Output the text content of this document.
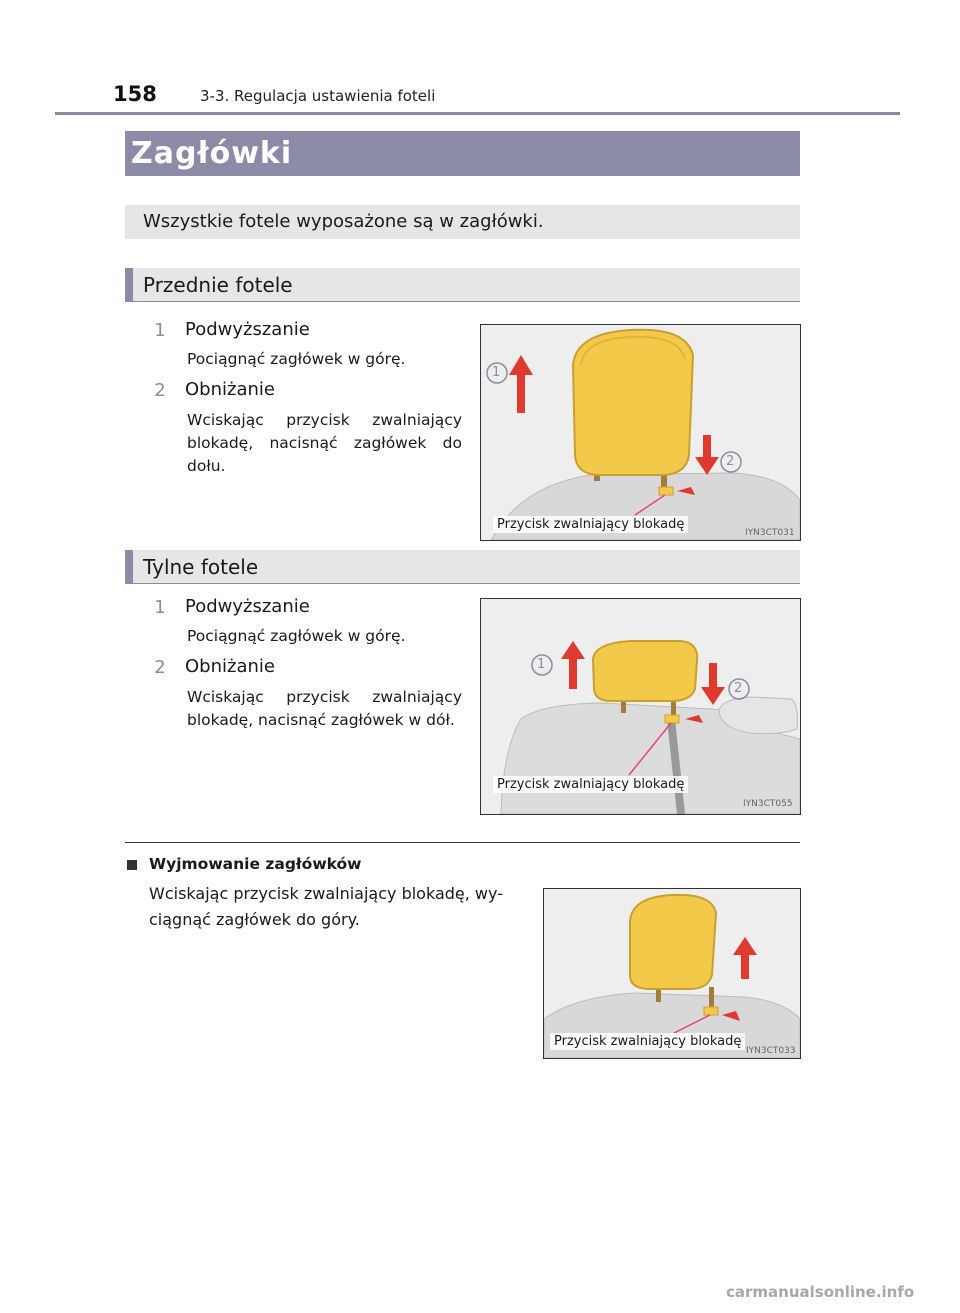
158	3-3. Regulacja ustawienia foteli
Zagłówki
Wszystkie fotele wyposażone są w zagłówki.
Przednie fotele
1 Podwyższanie
Pociągnąć zagłówek w górę.
2 Obniżanie
Wciskając przycisk zwalniający blokadę, nacisnąć zagłówek do dołu.
1
2
Przycisk zwalniający blokadę
IYN3CT031
Tylne fotele
1 Podwyższanie
Pociągnąć zagłówek w górę.
2 Obniżanie
Wciskając przycisk zwalniający blokadę, nacisnąć zagłówek w dół.
1
2
Przycisk zwalniający blokadę
IYN3CT055
Wyjmowanie zagłówków
Wciskając przycisk zwalniający blokadę, wy-ciągnąć zagłówek do góry.
Przycisk zwalniający blokadę
IYN3CT033
carmanualsonline.info
